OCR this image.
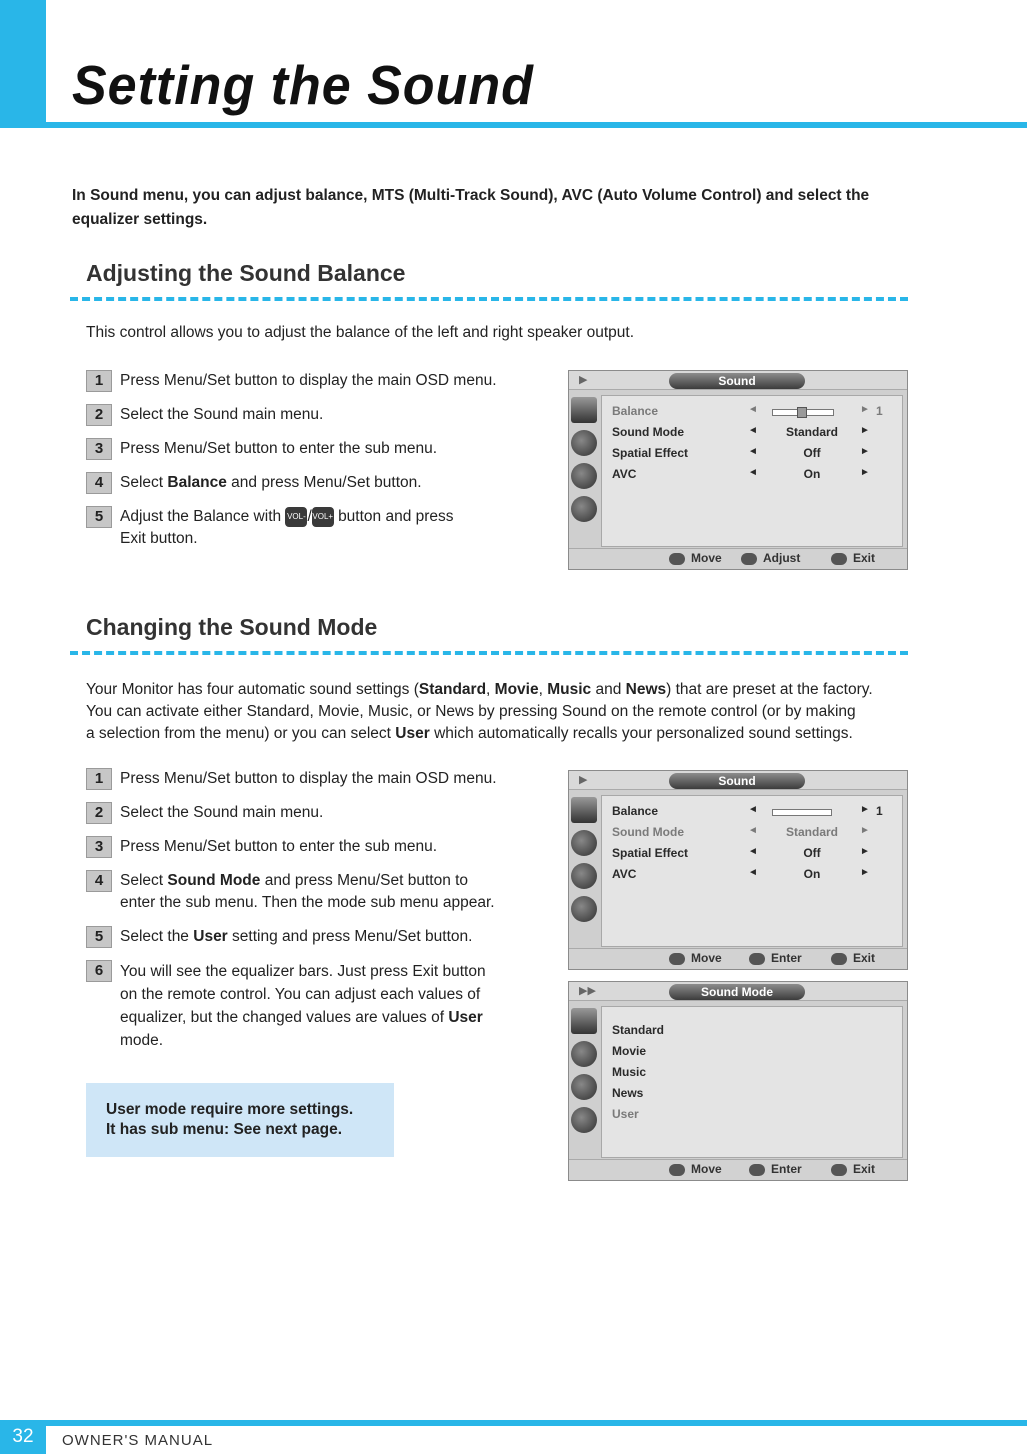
Setting the Sound
In Sound menu, you can adjust balance, MTS (Multi-Track Sound), AVC (Auto Volume Control) and select the equalizer settings.
Adjusting the Sound Balance
This control allows you to adjust the balance of the left and right speaker output.
1	Press Menu/Set button to display the main OSD menu.
2	Select the Sound main menu.
3	Press Menu/Set button to enter the sub menu.
4	Select Balance and press Menu/Set button.
5	Adjust the Balance with VOL- /VOL+ button and press
Exit button.
▶	Sound
Balance	◄	► 1
Sound Mode	◄	Standard	►
Spatial Effect	◄	Off	►
AVC	◄	On	►
Move	Adjust	Exit
Changing the Sound Mode
Your Monitor has four automatic sound settings (Standard, Movie, Music and News) that are preset at the factory.
You can activate either Standard, Movie, Music, or News by pressing Sound on the remote control (or by making
a selection from the menu) or you can select User which automatically recalls your personalized sound settings.
1	Press Menu/Set button to display the main OSD menu.
2	Select the Sound main menu.
3	Press Menu/Set button to enter the sub menu.
4	Select Sound Mode and press Menu/Set button to
enter the sub menu. Then the mode sub menu appear.
5	Select the User setting and press Menu/Set button.
6	You will see the equalizer bars. Just press Exit button
on the remote control. You can adjust each values of
equalizer, but the changed values are values of User
mode.
User mode require more settings.
It has sub menu: See next page.
▶	Sound
Balance	◄	► 1
Sound Mode	◄	Standard	►
Spatial Effect	◄	Off	►
AVC	◄	On	►
Move	Enter	Exit
▶▶	Sound Mode
Standard
Movie
Music
News
User
Move	Enter	Exit
32	OWNER'S MANUAL
